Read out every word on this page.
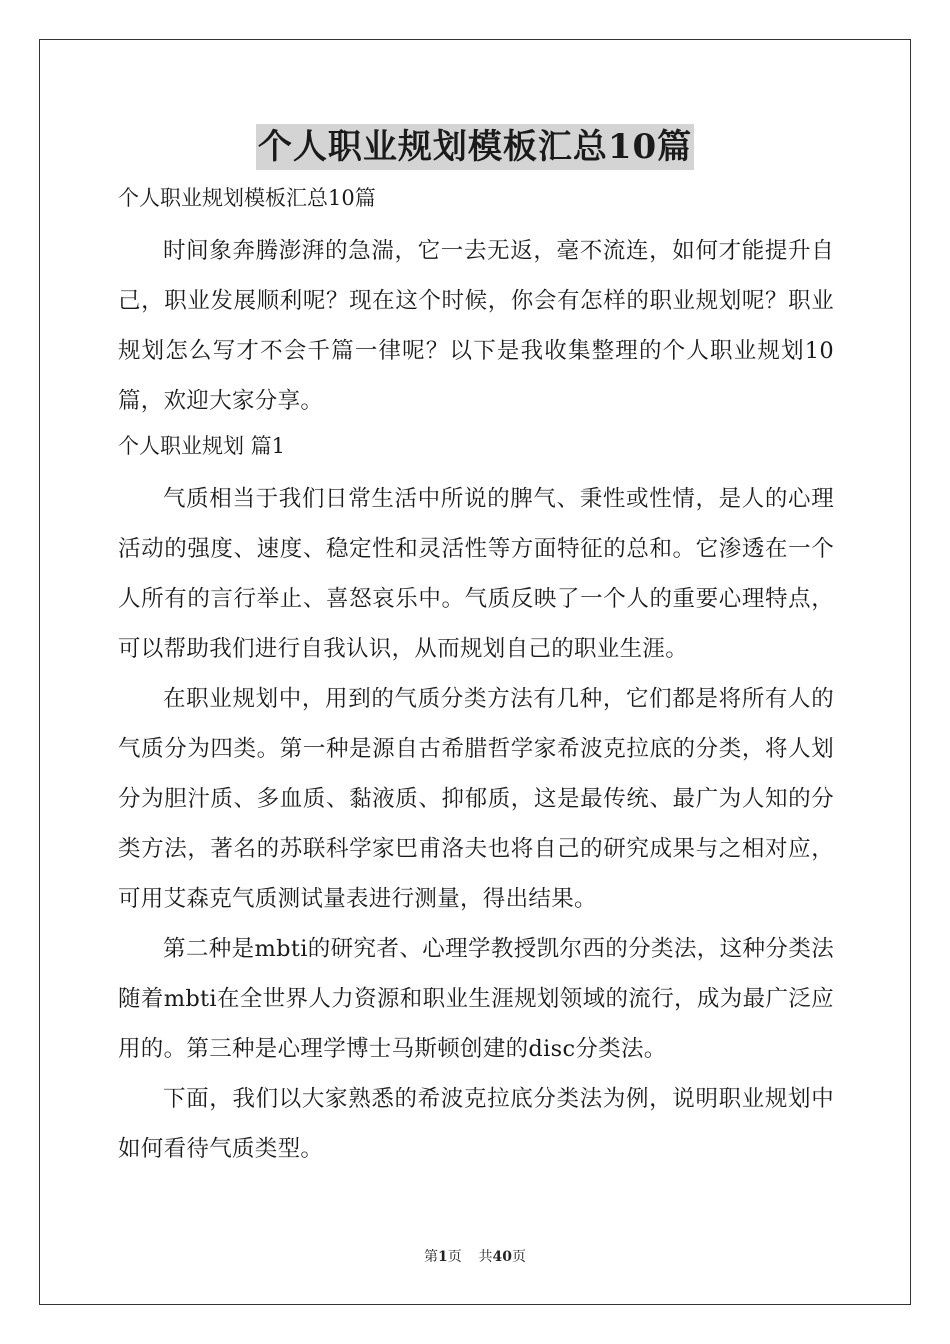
个人职业规划模板汇总10篇

个人职业规划模板汇总10篇

时间象奔腾澎湃的急湍，它一去无返，毫不流连，如何才能提升自己，职业发展顺利呢？现在这个时候，你会有怎样的职业规划呢？职业规划怎么写才不会千篇一律呢？以下是我收集整理的个人职业规划10篇，欢迎大家分享。

个人职业规划 篇1

气质相当于我们日常生活中所说的脾气、秉性或性情，是人的心理活动的强度、速度、稳定性和灵活性等方面特征的总和。它渗透在一个人所有的言行举止、喜怒哀乐中。气质反映了一个人的重要心理特点，可以帮助我们进行自我认识，从而规划自己的职业生涯。

在职业规划中，用到的气质分类方法有几种，它们都是将所有人的气质分为四类。第一种是源自古希腊哲学家希波克拉底的分类，将人划分为胆汁质、多血质、黏液质、抑郁质，这是最传统、最广为人知的分类方法，著名的苏联科学家巴甫洛夫也将自己的研究成果与之相对应，可用艾森克气质测试量表进行测量，得出结果。

第二种是mbti的研究者、心理学教授凯尔西的分类法，这种分类法随着mbti在全世界人力资源和职业生涯规划领域的流行，成为最广泛应用的。第三种是心理学博士马斯顿创建的disc分类法。

下面，我们以大家熟悉的希波克拉底分类法为例，说明职业规划中如何看待气质类型。

第1页 共40页
